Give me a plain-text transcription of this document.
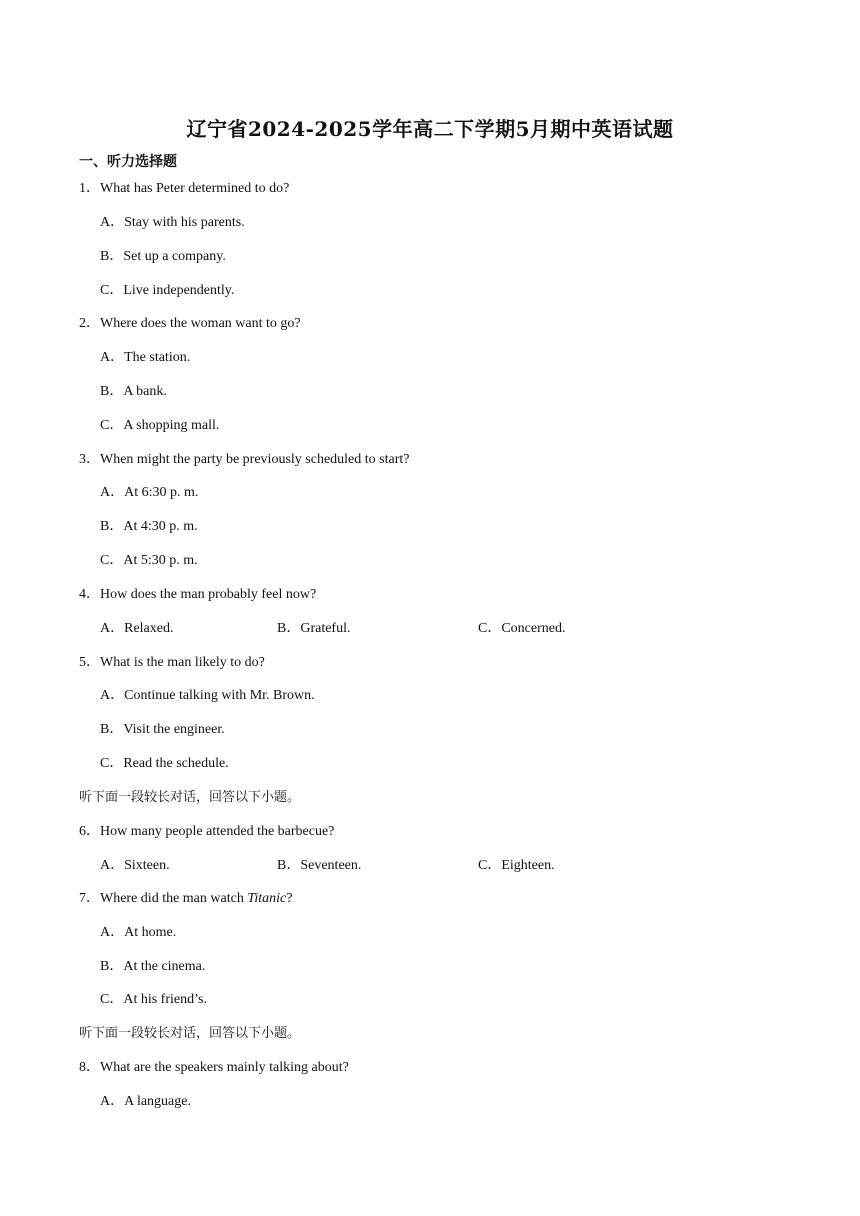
辽宁省2024-2025学年高二下学期5月期中英语试题
一、听力选择题
1．What has Peter determined to do?
A．Stay with his parents.
B．Set up a company.
C．Live independently.
2．Where does the woman want to go?
A．The station.
B．A bank.
C．A shopping mall.
3．When might the party be previously scheduled to start?
A．At 6:30 p. m.
B．At 4:30 p. m.
C．At 5:30 p. m.
4．How does the man probably feel now?
A．Relaxed.	B．Grateful.	C．Concerned.
5．What is the man likely to do?
A．Continue talking with Mr. Brown.
B．Visit the engineer.
C．Read the schedule.
听下面一段较长对话，回答以下小题。
6．How many people attended the barbecue?
A．Sixteen.	B．Seventeen.	C．Eighteen.
7．Where did the man watch Titanic?
A．At home.
B．At the cinema.
C．At his friend’s.
听下面一段较长对话，回答以下小题。
8．What are the speakers mainly talking about?
A．A language.
